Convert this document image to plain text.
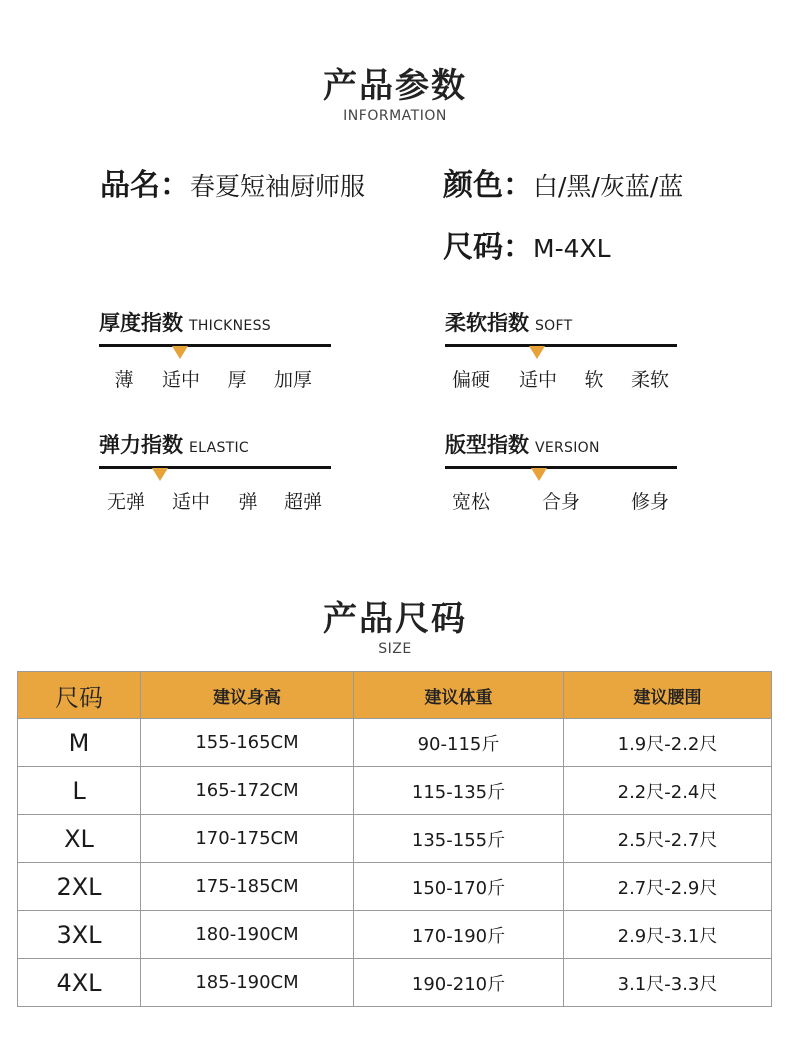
产品参数
INFORMATION
品名：春夏短袖厨师服	颜色：白/黑/灰蓝/蓝
尺码：M-4XL
厚度指数 THICKNESS
薄 适中 厚 加厚
柔软指数 SOFT
偏硬 适中 软 柔软
弹力指数 ELASTIC
无弹 适中 弹 超弹
版型指数 VERSION
宽松	合身	修身
产品尺码
SIZE
尺码	建议身高	建议体重	建议腰围
M	155-165CM	90-115斤	1.9尺-2.2尺
L	165-172CM	115-135斤	2.2尺-2.4尺
XL	170-175CM	135-155斤	2.5尺-2.7尺
2XL	175-185CM	150-170斤	2.7尺-2.9尺
3XL	180-190CM	170-190斤	2.9尺-3.1尺
4XL	185-190CM	190-210斤	3.1尺-3.3尺
